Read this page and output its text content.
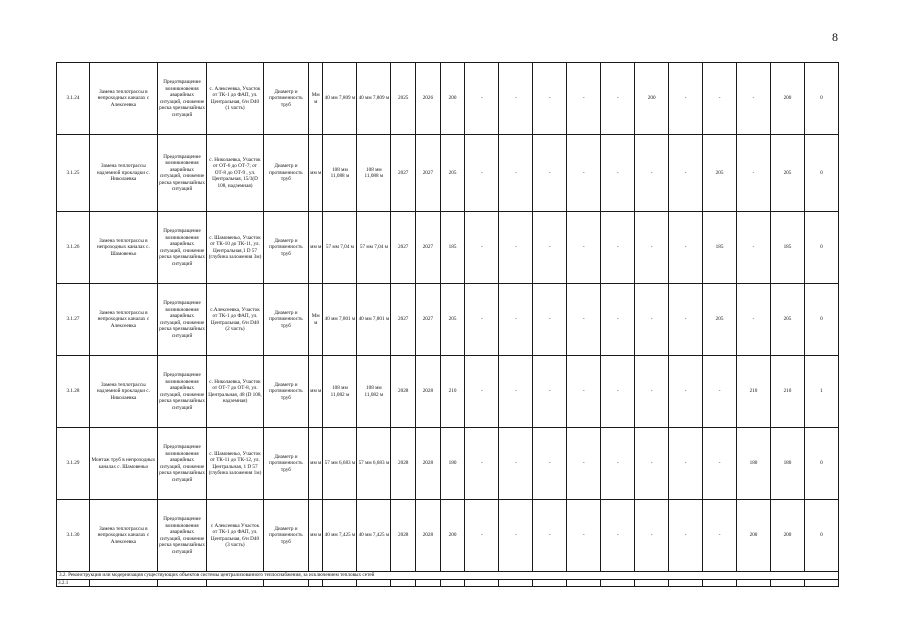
8
3.1.24	Замена теплотрассы в непроходных каналах с Алексеевка	Предотвращение возникновения аварийных ситуаций, снижение риска чрезвычайных ситуаций	с. Алексеевка, Участок от ТК-1 до ФАП, ул. Центральная, 6/н D40 (1 часть)	Диаметр и протяженность труб	Мм м	40 мм 7,809 м	40 мм 7,809 м	2025	2026	200	-	-	-	-	-	200	-	-	-	200	0
3.1.25	Замена теплотрассы надземной прокладки с. Николаевка	Предотвращение возникновения аварийных ситуаций, снижение риска чрезвычайных ситуаций	с. Николаевка, Участок от ОТ-6 до ОТ-7; от ОТ-8 до ОТ-9 , ул. Центральная, 15/3(D 108, надземная)	Диаметр и протяженность труб	мм м	108 мм 11,088 м	108 мм 11,088 м	2027	2027	205	-	-	-	-	-	-	-	205	-	205	0
3.1.26	Замена теплотрассы в непроходных каналах с. Шамовеньо	Предотвращение возникновения аварийных ситуаций, снижение риска чрезвычайных ситуаций	с. Шамовеньо, Участок от ТК-10 до ТК-11, ул. Центральная,1 D 57 (глубина заложения 3м)	Диаметр и протяженность труб	мм м	57 мм 7,04 м	57 мм 7,04 м	2027	2027	185	-	-	-	-	-	-	-	185	-	185	0
3.1.27	Замена теплотрассы в непроходных каналах с Алексеевка	Предотвращение возникновения аварийных ситуаций, снижение риска чрезвычайных ситуаций	с.Алексеевка, Участок от ТК-1 до ФАП, ул. Центральная, 6/н D40 (2 часть)	Диаметр и протяженность труб	Мм м	40 мм 7,801 м	40 мм 7,801 м	2027	2027	205	-	-	-	-	-	-	-	205	-	205	0
3.1.28	Замена теплотрассы надземной прокладки с. Николаевка	Предотвращение возникновения аварийных ситуаций, снижение риска чрезвычайных ситуаций	с. Николаевка, Участок от ОТ-7 до ОТ-8, ул. Центральная, 48 (D 108, надземная)	Диаметр и протяженность труб	мм м	108 мм 11,082 м	108 мм 11,082 м	2028	2028	210	-	-	-	-	-	-	-	-	210	210	1
3.1.29	Монтаж труб в непроходных каналах с. Шамовеньо	Предотвращение возникновения аварийных ситуаций, снижение риска чрезвычайных ситуаций	с. Шамовеньо, Участок от ТК-11 до ТК-12, ул. Центральная, 1 D 57 (глубина заложения 1м)	Диаметр и протяженность труб	мм м	57 мм 6,683 м	57 мм 6,683 м	2028	2028	180	-	-	-	-	-	-	-	-	180	180	0
3.1.30	Замена теплотрассы в непроходных каналах с Алексеевка	Предотвращение возникновения аварийных ситуаций, снижение риска чрезвычайных ситуаций	с Алексеевка Участок от ТК-1 до ФАП, ул. Центральная, 6/н D40 (3 часть)	Диаметр и протяженность труб	мм м	40 мм 7,425 м	40 мм 7,425 м	2028	2028	200	-	-	-	-	-	-	-	-	200	200	0
3.2. Реконструкция или модернизация существующих объектов системы централизованного теплоснабжения, за исключением тепловых сетей																					
3.2.1																					
